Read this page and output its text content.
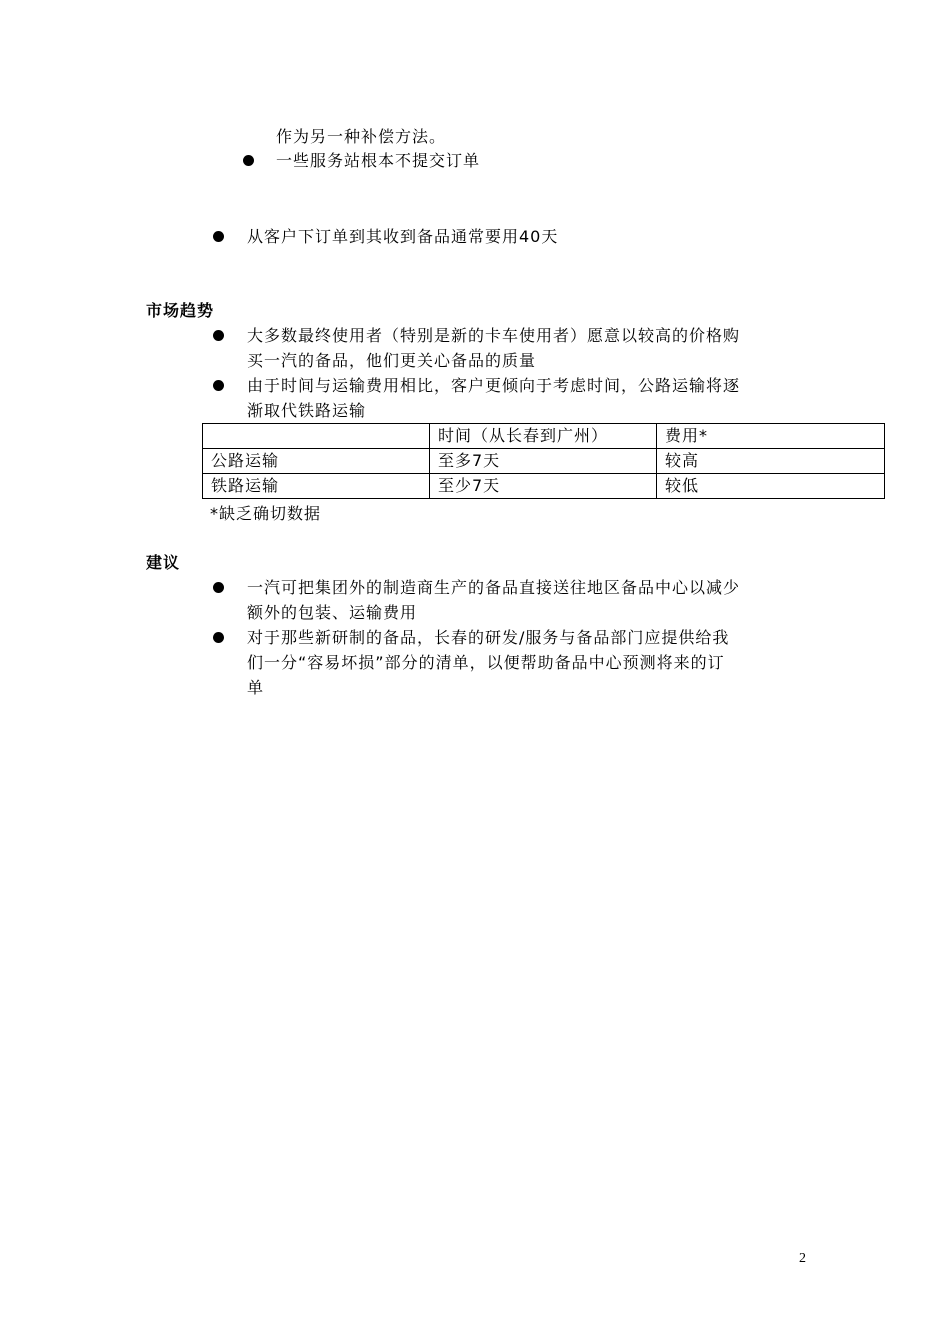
作为另一种补偿方法。
一些服务站根本不提交订单
从客户下订单到其收到备品通常要用40天
市场趋势
大多数最终使用者（特别是新的卡车使用者）愿意以较高的价格购
买一汽的备品，他们更关心备品的质量
由于时间与运输费用相比，客户更倾向于考虑时间，公路运输将逐
渐取代铁路运输
	时间（从长春到广州）	费用*
公路运输	至多7天	较高
铁路运输	至少7天	较低
*缺乏确切数据
建议
一汽可把集团外的制造商生产的备品直接送往地区备品中心以减少
额外的包装、运输费用
对于那些新研制的备品，长春的研发/服务与备品部门应提供给我
们一分“容易坏损”部分的清单，以便帮助备品中心预测将来的订
单
2
